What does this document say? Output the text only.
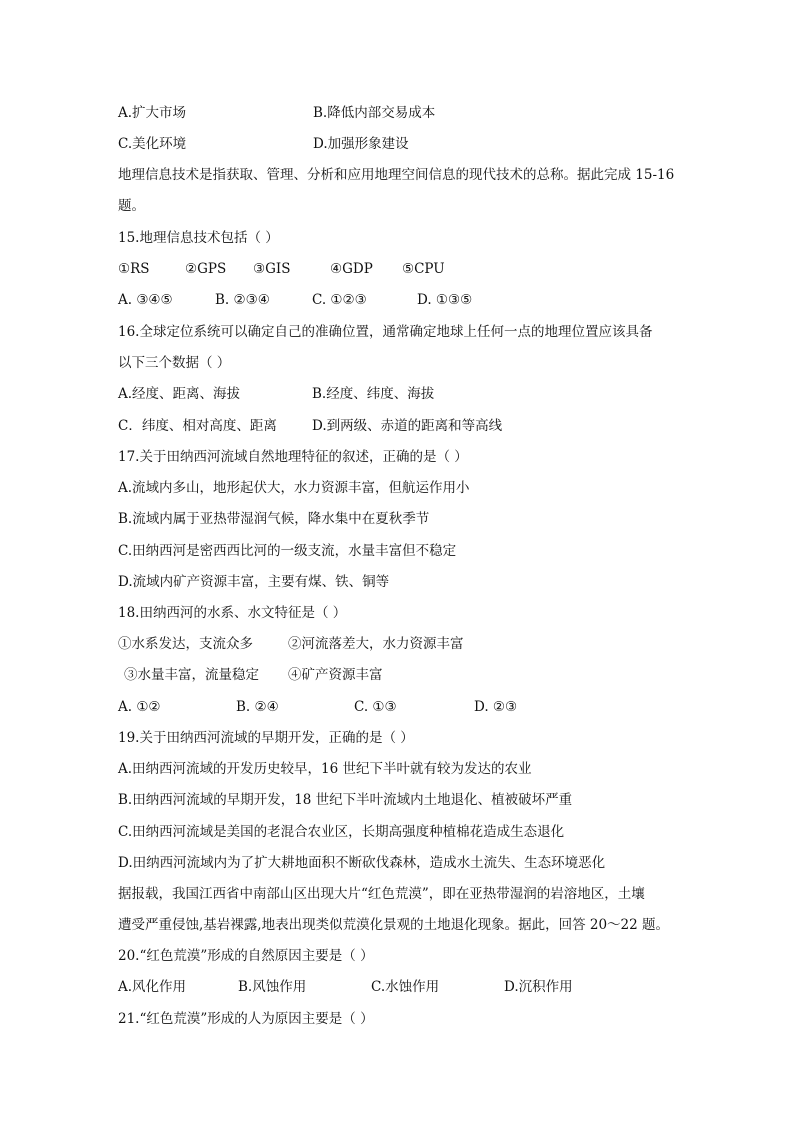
A.扩大市场	B.降低内部交易成本
C.美化环境	D.加强形象建设
地理信息技术是指获取、管理、分析和应用地理空间信息的现代技术的总称。据此完成 15-16
题。
15.地理信息技术包括（ ）
①RS	②GPS ③GIS	④GDP ⑤CPU
A. ③④⑤	B. ②③④	C. ①②③	D. ①③⑤
16.全球定位系统可以确定自己的准确位置，通常确定地球上任何一点的地理位置应该具备
以下三个数据（ ）
A.经度、距离、海拔	B.经度、纬度、海拔
C．纬度、相对高度、距离	D.到两级、赤道的距离和等高线
17.关于田纳西河流域自然地理特征的叙述，正确的是（ ）
A.流域内多山，地形起伏大，水力资源丰富，但航运作用小
B.流域内属于亚热带湿润气候，降水集中在夏秋季节
C.田纳西河是密西西比河的一级支流，水量丰富但不稳定
D.流域内矿产资源丰富，主要有煤、铁、铜等
18.田纳西河的水系、水文特征是（ ）
①水系发达，支流众多	②河流落差大，水力资源丰富
③水量丰富，流量稳定 ④矿产资源丰富
A. ①②	B. ②④	C. ①③	D. ②③
19.关于田纳西河流域的早期开发，正确的是（ ）
A.田纳西河流域的开发历史较早，16 世纪下半叶就有较为发达的农业
B.田纳西河流域的早期开发，18 世纪下半叶流域内土地退化、植被破坏严重
C.田纳西河流域是美国的老混合农业区，长期高强度种植棉花造成生态退化
D.田纳西河流域内为了扩大耕地面积不断砍伐森林，造成水土流失、生态环境恶化
据报载，我国江西省中南部山区出现大片“红色荒漠”，即在亚热带湿润的岩溶地区，土壤
遭受严重侵蚀,基岩裸露,地表出现类似荒漠化景观的土地退化现象。据此，回答 20～22 题。
20.“红色荒漠”形成的自然原因主要是（ ）
A.风化作用	B.风蚀作用	C.水蚀作用	D.沉积作用
21.“红色荒漠”形成的人为原因主要是（ ）
